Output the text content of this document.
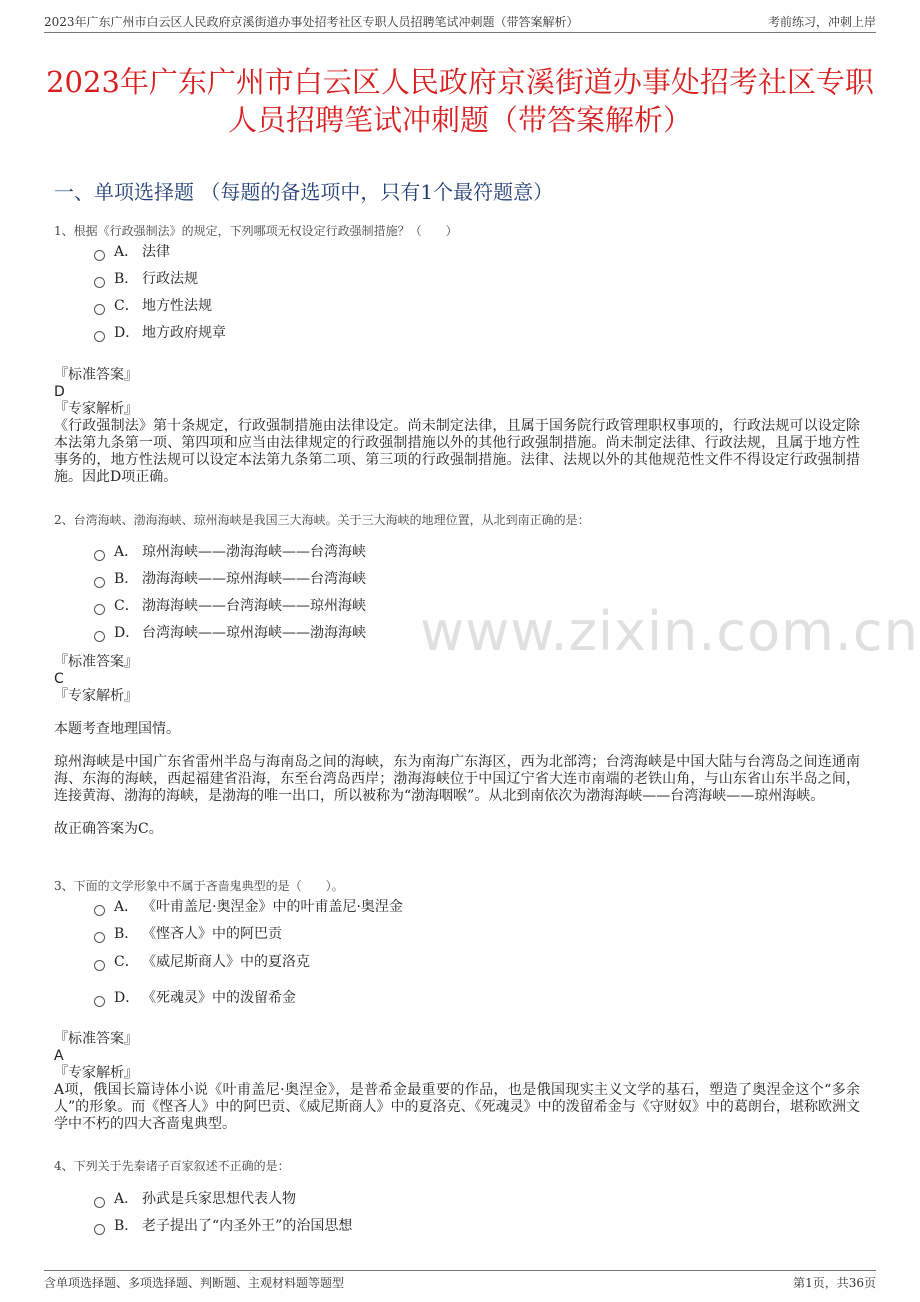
2023年广东广州市白云区人民政府京溪街道办事处招考社区专职人员招聘笔试冲刺题（带答案解析）	考前练习，冲刺上岸
2023年广东广州市白云区人民政府京溪街道办事处招考社区专职人员招聘笔试冲刺题（带答案解析）
一、单项选择题 （每题的备选项中，只有1个最符题意）
www.zixin.com.cn
1、根据《行政强制法》的规定，下列哪项无权设定行政强制措施？（　　）
A． 法律
B． 行政法规
C． 地方性法规
D． 地方政府规章
『标准答案』
D
『专家解析』
《行政强制法》第十条规定，行政强制措施由法律设定。尚未制定法律，且属于国务院行政管理职权事项的，行政法规可以设定除本法第九条第一项、第四项和应当由法律规定的行政强制措施以外的其他行政强制措施。尚未制定法律、行政法规，且属于地方性事务的，地方性法规可以设定本法第九条第二项、第三项的行政强制措施。法律、法规以外的其他规范性文件不得设定行政强制措施。因此D项正确。
2、台湾海峡、渤海海峡、琼州海峡是我国三大海峡。关于三大海峡的地理位置，从北到南正确的是：
A． 琼州海峡——渤海海峡——台湾海峡
B． 渤海海峡——琼州海峡——台湾海峡
C． 渤海海峡——台湾海峡——琼州海峡
D． 台湾海峡——琼州海峡——渤海海峡
『标准答案』
C
『专家解析』
本题考查地理国情。
琼州海峡是中国广东省雷州半岛与海南岛之间的海峡，东为南海广东海区，西为北部湾；台湾海峡是中国大陆与台湾岛之间连通南海、东海的海峡，西起福建省沿海，东至台湾岛西岸；渤海海峡位于中国辽宁省大连市南端的老铁山角，与山东省山东半岛之间，连接黄海、渤海的海峡，是渤海的唯一出口，所以被称为“渤海咽喉”。从北到南依次为渤海海峡——台湾海峡——琼州海峡。
故正确答案为C。
3、下面的文学形象中不属于吝啬鬼典型的是（　　）。
A． 《叶甫盖尼·奥涅金》中的叶甫盖尼·奥涅金
B． 《悭吝人》中的阿巴贡
C． 《威尼斯商人》中的夏洛克
D． 《死魂灵》中的泼留希金
『标准答案』
A
『专家解析』
A项，俄国长篇诗体小说《叶甫盖尼·奥涅金》，是普希金最重要的作品，也是俄国现实主义文学的基石，塑造了奥涅金这个“多余人”的形象。而《悭吝人》中的阿巴贡、《威尼斯商人》中的夏洛克、《死魂灵》中的泼留希金与《守财奴》中的葛朗台，堪称欧洲文学中不朽的四大吝啬鬼典型。
4、下列关于先秦诸子百家叙述不正确的是：
A． 孙武是兵家思想代表人物
B． 老子提出了“内圣外王”的治国思想
含单项选择题、多项选择题、判断题、主观材料题等题型	第1页，共36页
